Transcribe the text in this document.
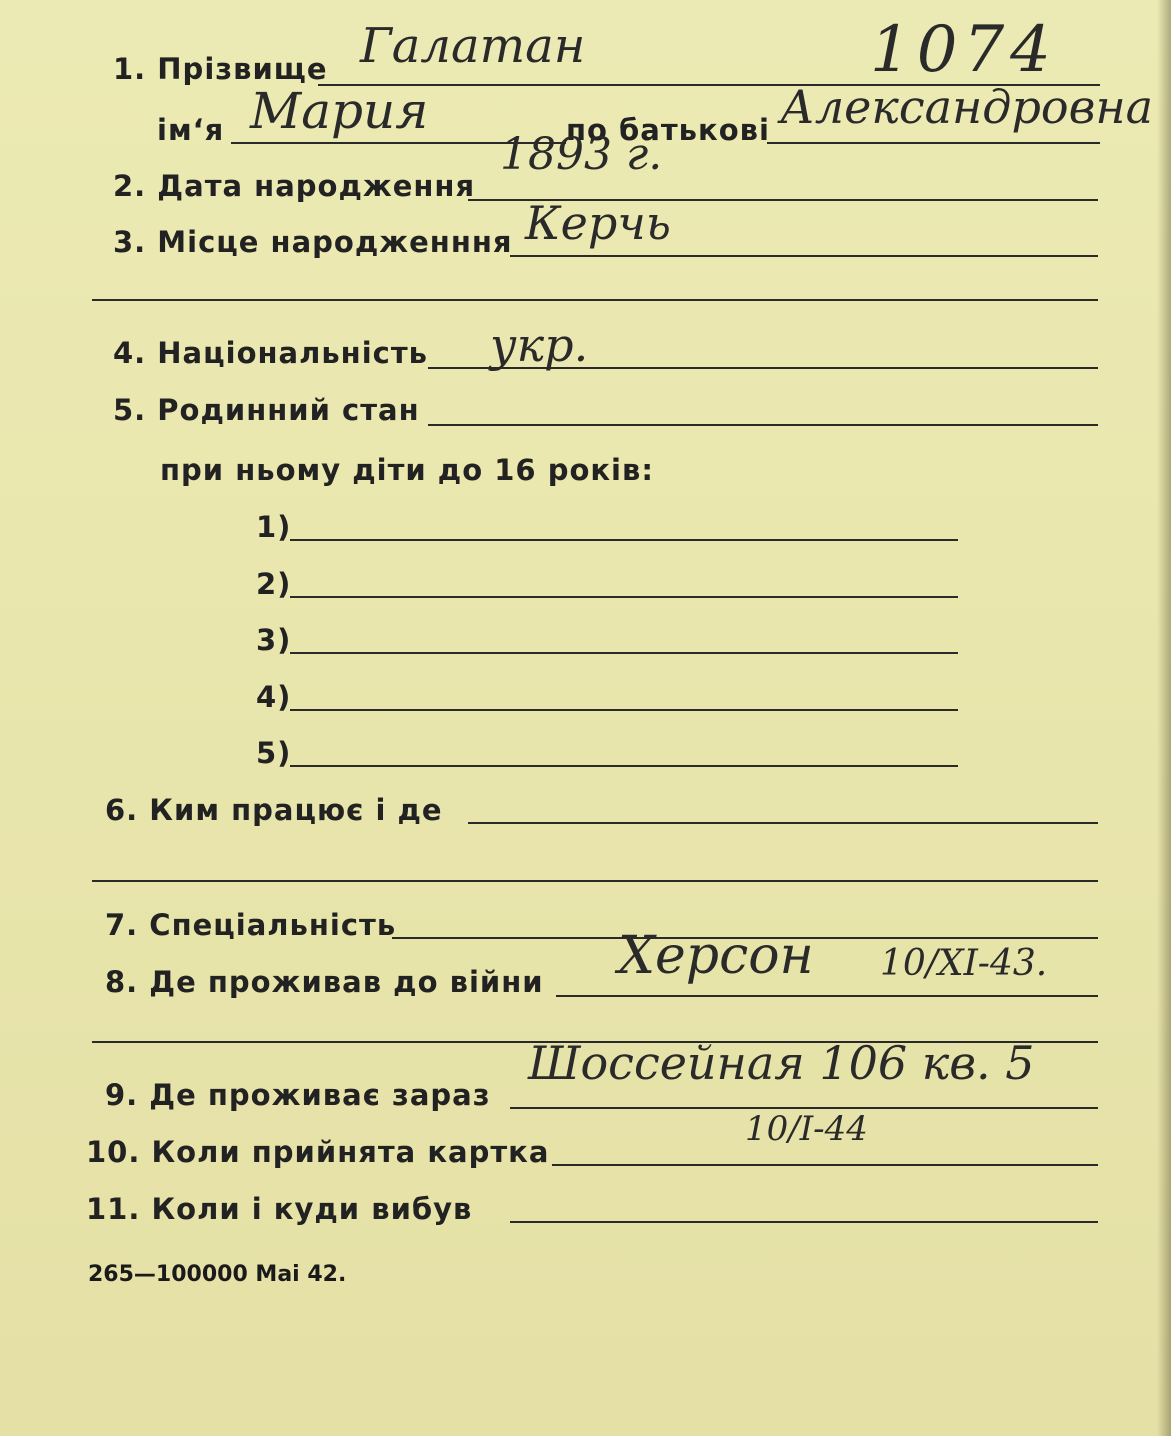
1074
1. Прізвище Галатан
ім‘я Мария	по батькові Александровна
2. Дата народження
1893 г.
3. Місце народженння Керчь
4. Національність укр.
5. Родинний стан
при ньому діти до 16 років:
1)
2)
3)
4)
5)
6. Ким працює і де
7. Спеціальність
8. Де проживав до війни Херсон 10/XI-43.
9. Де проживає зараз
Шоссейная 106 кв. 5
10. Коли прийнята картка
10/I-44
11. Коли і куди вибув
265—100000 Mai 42.
